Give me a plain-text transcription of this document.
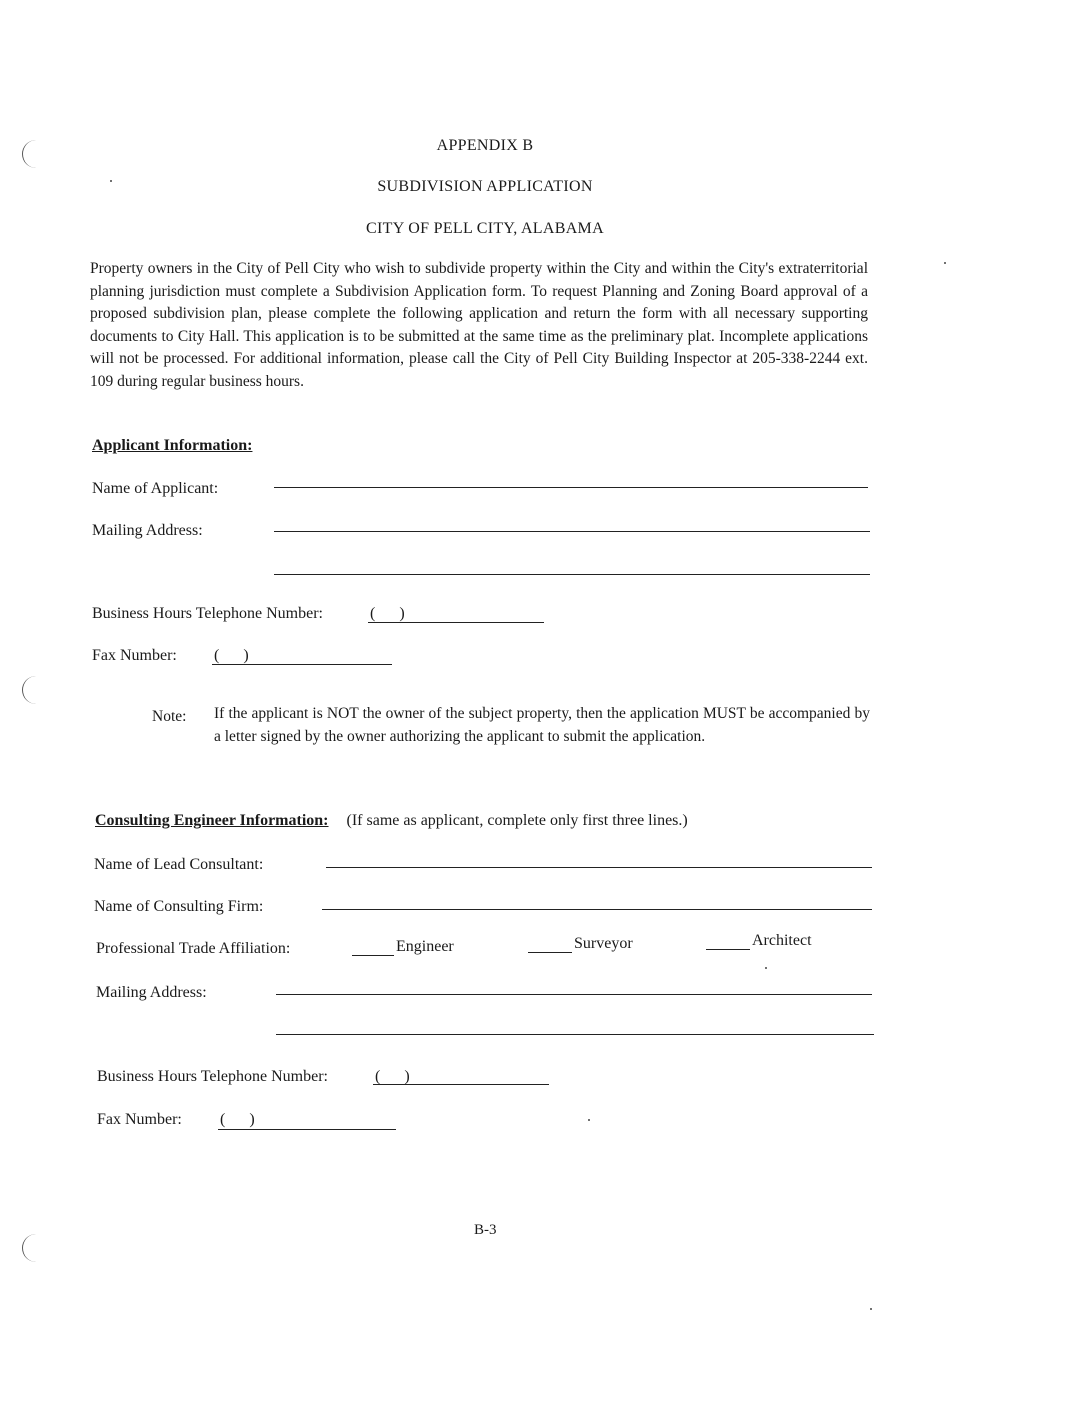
APPENDIX B
SUBDIVISION APPLICATION
CITY OF PELL CITY, ALABAMA
Property owners in the City of Pell City who wish to subdivide property within the City and within the City's extraterritorial planning jurisdiction must complete a Subdivision Application form. To request Planning and Zoning Board approval of a proposed subdivision plan, please complete the following application and return the form with all necessary supporting documents to City Hall. This application is to be submitted at the same time as the preliminary plat. Incomplete applications will not be processed. For additional information, please call the City of Pell City Building Inspector at 205-338-2244 ext. 109 during regular business hours.
Applicant Information:
Name of Applicant:
Mailing Address:
Business Hours Telephone Number:	(      )
Fax Number: (      )
Note: If the applicant is NOT the owner of the subject property, then the application MUST be accompanied by a letter signed by the owner authorizing the applicant to submit the application.
Consulting Engineer Information: (If same as applicant, complete only first three lines.)
Name of Lead Consultant:
Name of Consulting Firm:
Professional Trade Affiliation:	Engineer	Surveyor	Architect
Mailing Address:
Business Hours Telephone Number:	(      )
Fax Number: (      )
B-3
